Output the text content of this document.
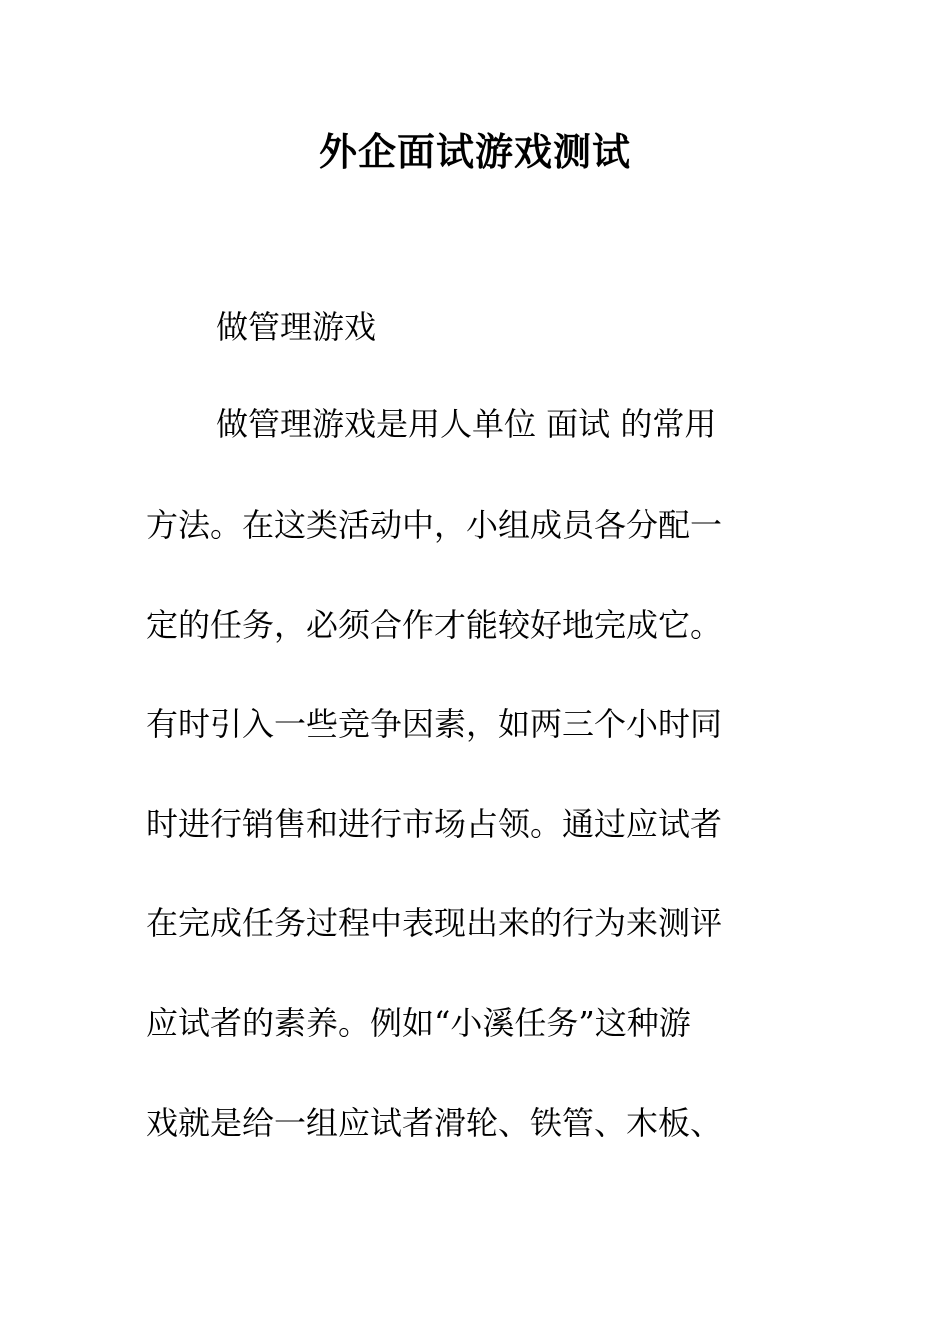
外企面试游戏测试
做管理游戏
做管理游戏是用人单位 面试 的常用
方法。在这类活动中，小组成员各分配一
定的任务，必须合作才能较好地完成它。
有时引入一些竞争因素，如两三个小时同
时进行销售和进行市场占领。通过应试者
在完成任务过程中表现出来的行为来测评
应试者的素养。例如“小溪任务”这种游
戏就是给一组应试者滑轮、铁管、木板、
